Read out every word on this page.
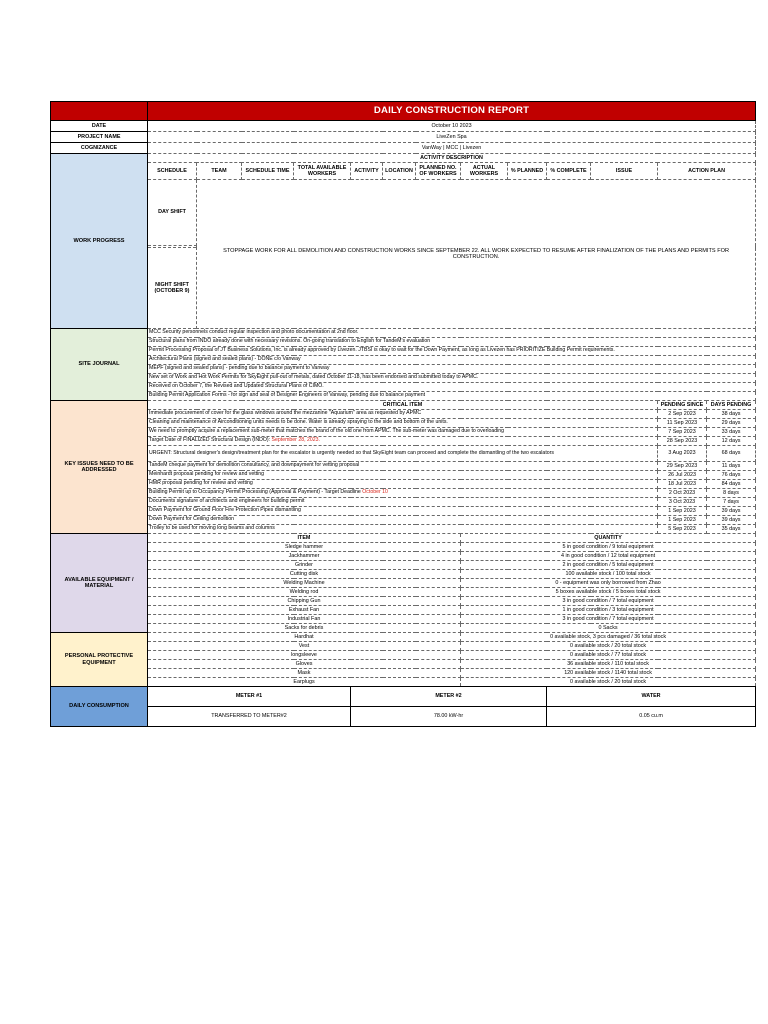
	DAILY CONSTRUCTION REPORT												
DATE	October 10 2023												
PROJECT NAME	LiveZen Spa												
COGNIZANCE	VanWay | MCC | Livezen												
WORK PROGRESS	ACTIVITY DESCRIPTION												
	SCHEDULE	TEAM	SCHEDULE TIME	TOTAL AVAILABLE WORKERS	ACTIVITY	LOCATION	PLANNED NO. OF WORKERS	ACTUAL WORKERS	% PLANNED	% COMPLETE	ISSUE	ACTION PLAN	
	DAY SHIFT	STOPPAGE WORK FOR ALL DEMOLITION AND CONSTRUCTION WORKS SINCE SEPTEMBER 22. ALL WORK EXPECTED TO RESUME AFTER FINALIZATION OF THE PLANS AND PERMITS FOR CONSTRUCTION.											

	NIGHT SHIFT (OCTOBER 9)												
SITE JOURNAL	MCC Security personnels conduct regular inspection and photo documentation at 2nd floor.												
	Structural plans from INDO already done with necessary revisions. On-going translation to English for TandeM's evaluation												
	Permit Processing Proposal of JT Business Solutions, Inc. is already approved by Livezen. JTBSI is okay to wait for the Down Payment, as long as Livezen has PRIORITIZE Building Permit requirements.												
	Architectural Plans (signed and sealed plans) - DONE c/o Vanway												
	MEPF (signed and sealed plans) - pending due to balance payment to Vanway												
	New set of Work and Hot Work Permits for SkyEight pull-out of metals, dated October 11-18, has been endorsed and submitted today to APMC.												
	Received on October 7, the Revised and Updated Structural Plans of CIMO.												
	Building Permit Application Forms - for sign and seal of Designer Engineers of Vanway, pending due to balance payment												
KEY ISSUES NEED TO BE ADDRESSED	CRITICAL ITEM											PENDING SINCE	DAYS PENDING
	Immediate procurement of cover for the glass windows around the mezzanine "Aquarium" area as requested by APMC											2 Sep 2023	38 days
	Cleaning and maintenance of Airconditioning units needs to be done. Water is already spraying to the side and bottom of the units.											11 Sep 2023	29 days
	We need to promptly acquire a replacement sub-meter that matches the brand of the old one from APMC. The sub-meter was damaged due to overloading											7 Sep 2023	33 days
	Target Date of FINALIZED Structural Design (INDO): September 28, 2023.											28 Sep 2023	12 days
	URGENT: Structural designer's design/treatment plan for the escalator is urgently needed so that SkyEight team can proceed and complete the dismantling of the two escalators											3 Aug 2023	68 days
	TandeM cheque payment for demolition consultancy, and downpayment for vetting proposal											29 Sep 2023	11 days
	Meinhardt proposal pending for review and vetting											26 Jul 2023	76 days
	HMR proposal pending for review and vetting											18 Jul 2023	84 days
	Building Permit up to Occupancy Permit Processing (Approval & Payment) - Target Deadline October 10											2 Oct 2023	8 days
	Documents signature of architects and engineers for building permit											3 Oct 2023	7 days
	Down Payment for Ground Floor Fire Protection Pipes dismantling											1 Sep 2023	39 days
	Down Payment for Ceiling demolition											1 Sep 2023	39 days
	Trolley to be used for moving long beams and columns											5 Sep 2023	35 days
AVAILABLE EQUIPMENT / MATERIAL	ITEM							QUANTITY					
	Sledge hammer							5 in good condition / 9 total equipment					
	Jackhammer							4 in good condition / 12 total equipment					
	Grinder							2 in good condition / 5 total equipment					
	Cutting disk							100 available stock / 100 total stock					
	Welding Machine							0 - equipment was only borrowed from Zhao					
	Welding rod							5 boxes available stock / 5 boxes total stock					
	Chipping Gun							3 in good condition / 7 total equipment					
	Exhaust Fan							1 in good condition / 3 total equipment					
	Industrial Fan							3 in good condition / 7 total equipment					
	Sacks for debris							0 Sacks					
PERSONAL PROTECTIVE EQUIPMENT	Hardhat							0 available stock, 3 pcs damaged / 36 total stock					
	Vest							0 available stock / 20 total stock					
	longsleeve							0 available stock / 77 total stock					
	Gloves							36 available stock / 110 total stock					
	Mask							120 available stock / 1140 total stock					
	Earplugs							0 available stock / 20 total stock					
DAILY CONSUMPTION	METER #1				METER #2					WATER			
	TRANSFERRED TO METER#2				78.00 kW-hr					0.05 cu.m			
